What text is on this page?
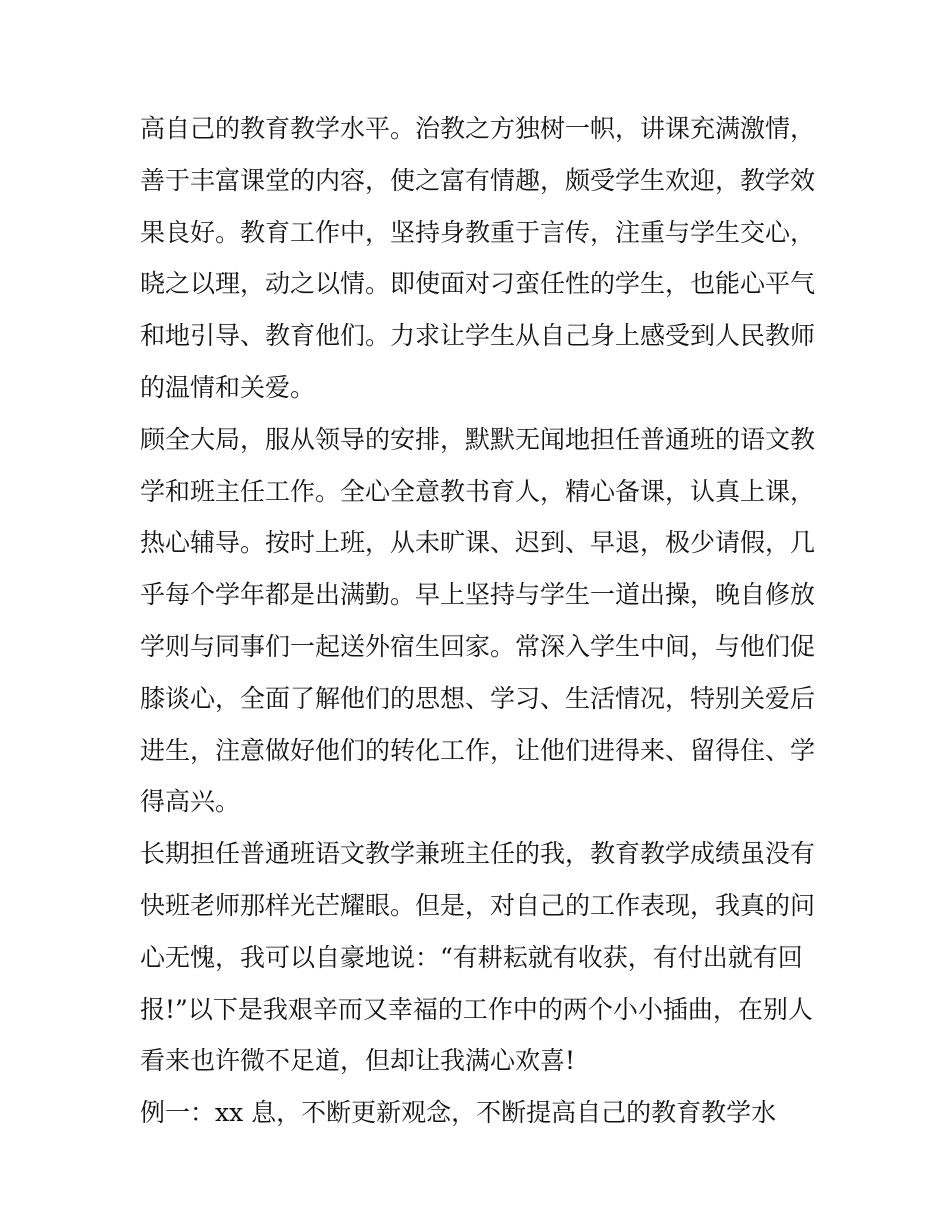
高自己的教育教学水平。治教之方独树一帜，讲课充满激情，
善于丰富课堂的内容，使之富有情趣，颇受学生欢迎，教学效
果良好。教育工作中，坚持身教重于言传，注重与学生交心，
晓之以理，动之以情。即使面对刁蛮任性的学生，也能心平气
和地引导、教育他们。力求让学生从自己身上感受到人民教师
的温情和关爱。
顾全大局，服从领导的安排，默默无闻地担任普通班的语文教
学和班主任工作。全心全意教书育人，精心备课，认真上课，
热心辅导。按时上班，从未旷课、迟到、早退，极少请假，几
乎每个学年都是出满勤。早上坚持与学生一道出操，晚自修放
学则与同事们一起送外宿生回家。常深入学生中间，与他们促
膝谈心，全面了解他们的思想、学习、生活情况，特别关爱后
进生，注意做好他们的转化工作，让他们进得来、留得住、学
得高兴。
长期担任普通班语文教学兼班主任的我，教育教学成绩虽没有
快班老师那样光芒耀眼。但是，对自己的工作表现，我真的问
心无愧，我可以自豪地说：“有耕耘就有收获，有付出就有回
报!”以下是我艰辛而又幸福的工作中的两个小小插曲，在别人
看来也许微不足道，但却让我满心欢喜!
例一：xx 息，不断更新观念，不断提高自己的教育教学水
